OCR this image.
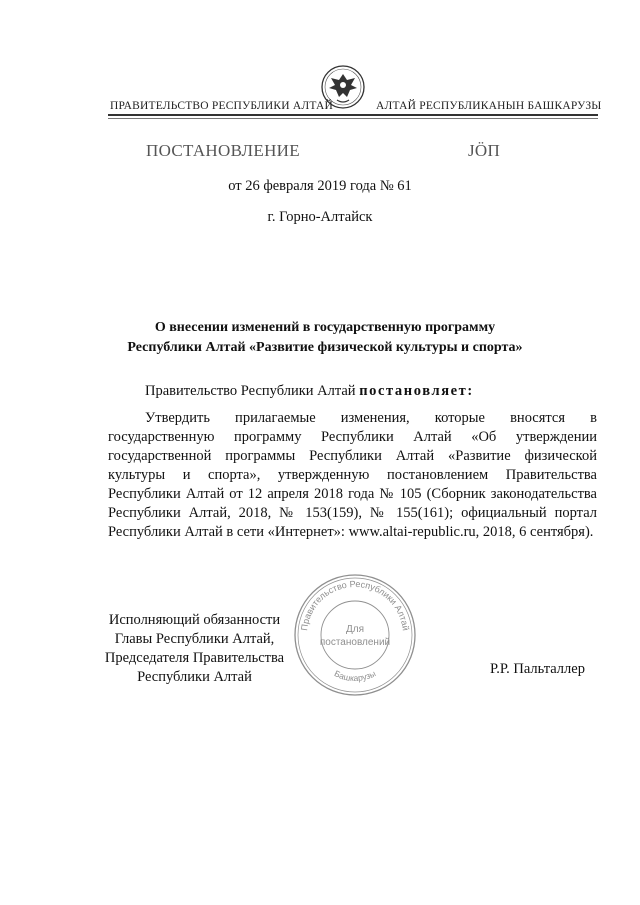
ПРАВИТЕЛЬСТВО РЕСПУБЛИКИ АЛТАЙ	АЛТАЙ РЕСПУБЛИКАНЫН БАШКАРУЗЫ
ПОСТАНОВЛЕНИЕ	ЈӦП
от 26 февраля 2019 года № 61
г. Горно-Алтайск
О внесении изменений в государственную программу
Республики Алтай «Развитие физической культуры и спорта»
Правительство Республики Алтай постановляет:
Утвердить прилагаемые изменения, которые вносятся в государственную программу Республики Алтай «Об утверждении государственной программы Республики Алтай «Развитие физической культуры и спорта», утвержденную постановлением Правительства Республики Алтай от 12 апреля 2018 года № 105 (Сборник законодательства Республики Алтай, 2018, № 153(159), № 155(161); официальный портал Республики Алтай в сети «Интернет»: www.altai-republic.ru, 2018, 6 сентября).
Правительство Республики Алтай
Башкарузы
Для
постановлений
Исполняющий обязанности
Главы Республики Алтай,
Председателя Правительства
Республики Алтай	Р.Р. Пальталлер
